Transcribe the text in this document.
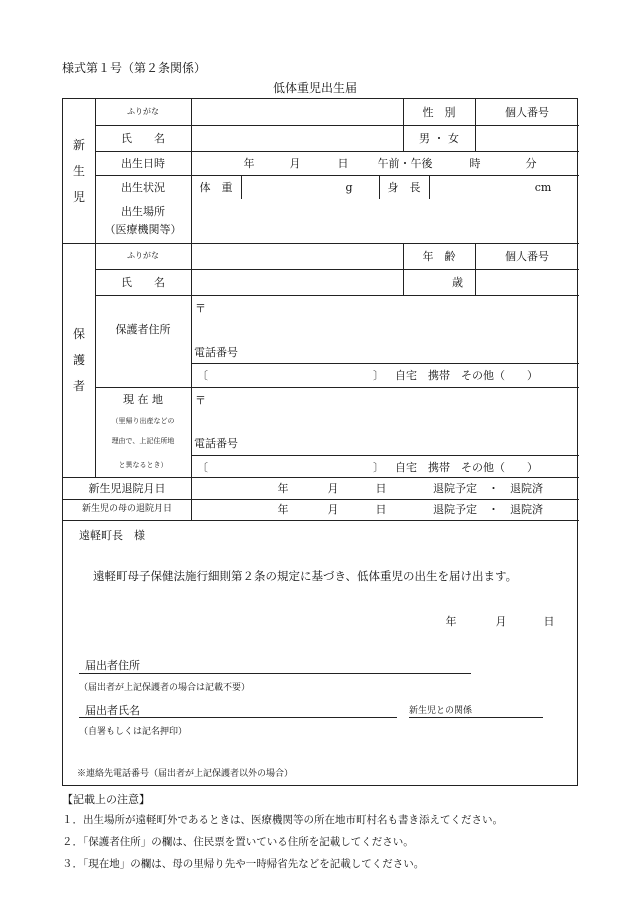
様式第１号（第２条関係）
低体重児出生届
新
生
児
ふりがな	性　別	個人番号
氏　　名	男 ・ 女
出生日時	年	月	日	午前・午後	時	分
出生状況	体　重	g	身　長	cm
出生場所
（医療機関等）
保
護
者
ふりがな	年　齢	個人番号
氏　　名	歳
保護者住所
〒
電話番号
〔	〕	自宅　携帯　その他（　　）
現 在 地
（里帰り出産などの
理由で、上記住所地
と異なるとき）
〒
電話番号
〔	〕	自宅　携帯　その他（　　）
新生児退院月日	年	月	日	退院予定　・　退院済
新生児の母の退院月日	年	月	日	退院予定　・　退院済
遠軽町長　様
遠軽町母子保健法施行細則第２条の規定に基づき、低体重児の出生を届け出ます。
年	月	日
届出者住所
（届出者が上記保護者の場合は記載不要）
届出者氏名	新生児との関係
（自署もしくは記名押印）
※連絡先電話番号（届出者が上記保護者以外の場合）
【記載上の注意】
１．出生場所が遠軽町外であるときは、医療機関等の所在地市町村名も書き添えてください。
２．「保護者住所」の欄は、住民票を置いている住所を記載してください。
３．「現在地」の欄は、母の里帰り先や一時帰省先などを記載してください。
